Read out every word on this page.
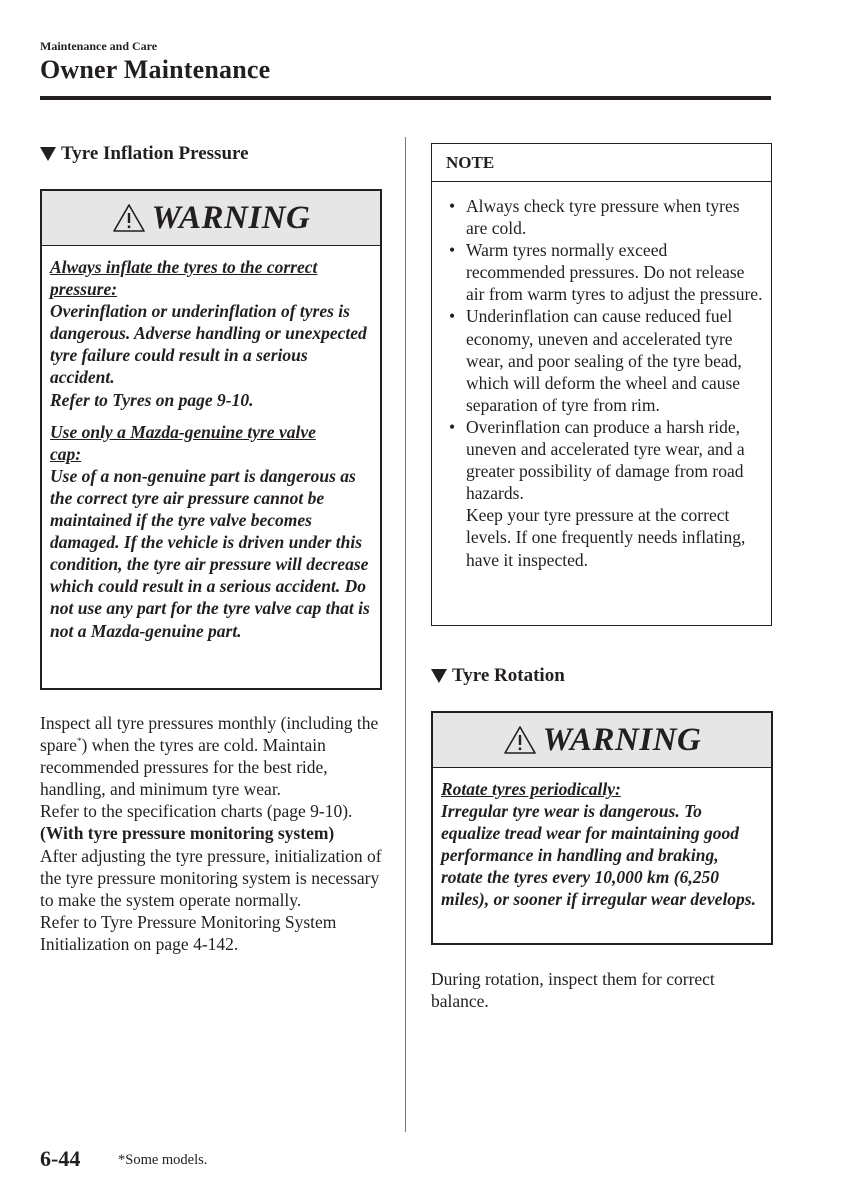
Maintenance and Care
Owner Maintenance
Tyre Inflation Pressure
WARNING

Always inflate the tyres to the correct
pressure:
Overinflation or underinflation of tyres is dangerous. Adverse handling or unexpected tyre failure could result in a serious accident.
Refer to Tyres on page 9-10.

Use only a Mazda-genuine tyre valve
cap:
Use of a non-genuine part is dangerous as the correct tyre air pressure cannot be maintained if the tyre valve becomes damaged. If the vehicle is driven under this condition, the tyre air pressure will decrease which could result in a serious accident. Do not use any part for the tyre valve cap that is not a Mazda-genuine part.

Inspect all tyre pressures monthly (including the spare*) when the tyres are cold. Maintain recommended pressures for the best ride, handling, and minimum tyre wear.

Refer to the specification charts (page 9-10).

(With tyre pressure monitoring system)

After adjusting the tyre pressure, initialization of the tyre pressure monitoring system is necessary to make the system operate normally.

Refer to Tyre Pressure Monitoring System Initialization on page 4-142.

NOTE
• Always check tyre pressure when tyres are cold.
• Warm tyres normally exceed recommended pressures. Do not release air from warm tyres to adjust the pressure.
• Underinflation can cause reduced fuel economy, uneven and accelerated tyre wear, and poor sealing of the tyre bead, which will deform the wheel and cause separation of tyre from rim.
• Overinflation can produce a harsh ride, uneven and accelerated tyre wear, and a greater possibility of damage from road hazards.
Keep your tyre pressure at the correct levels. If one frequently needs inflating, have it inspected.
Tyre Rotation
WARNING

Rotate tyres periodically:
Irregular tyre wear is dangerous. To equalize tread wear for maintaining good performance in handling and braking, rotate the tyres every 10,000 km (6,250 miles), or sooner if irregular wear develops.

During rotation, inspect them for correct balance.
6-44	*Some models.
